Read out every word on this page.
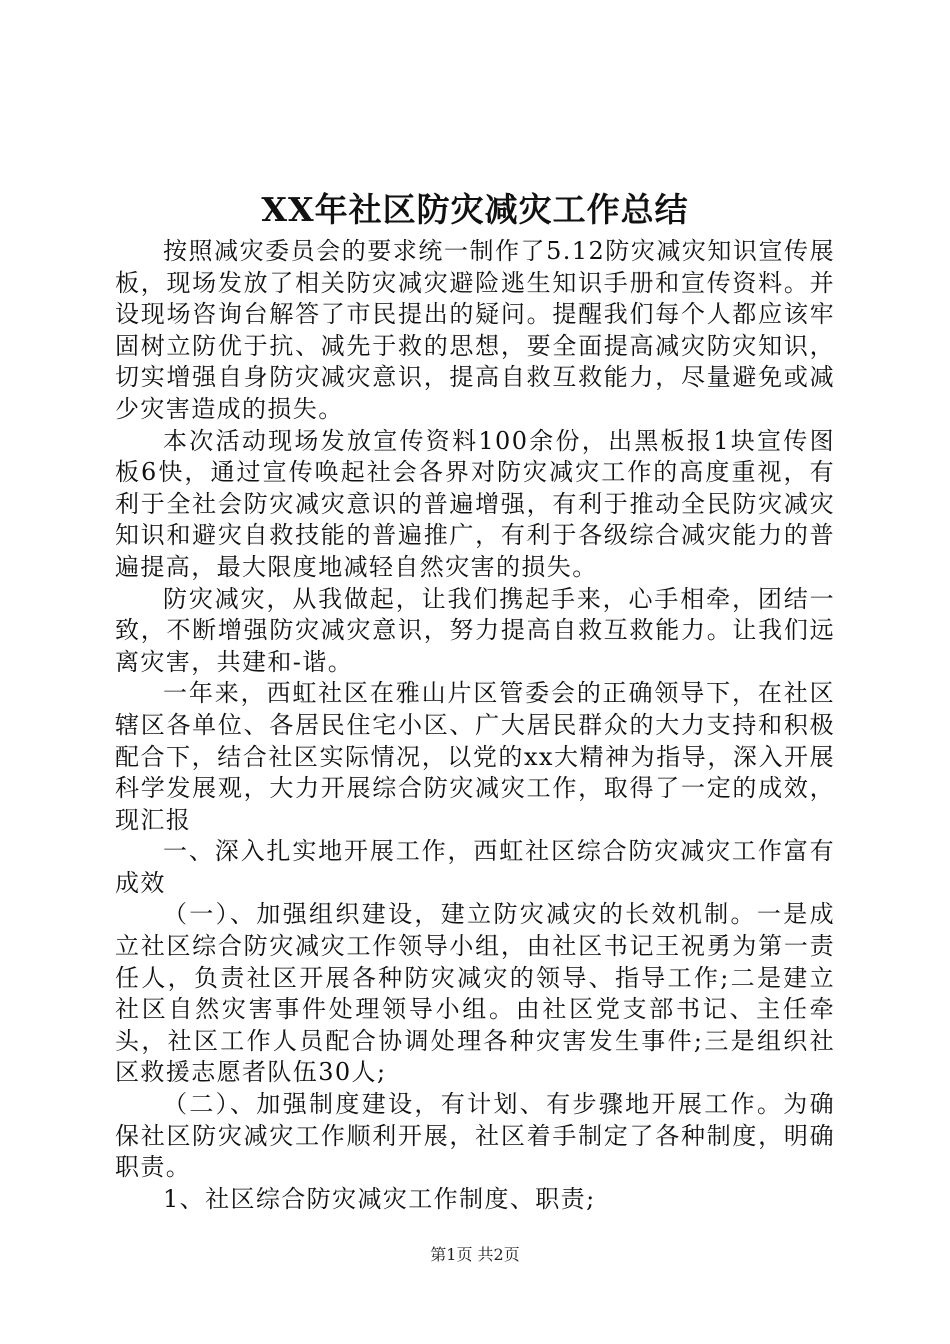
XX年社区防灾减灾工作总结

按照减灾委员会的要求统一制作了5.12防灾减灾知识宣传展板，现场发放了相关防灾减灾避险逃生知识手册和宣传资料。并设现场咨询台解答了市民提出的疑问。提醒我们每个人都应该牢固树立防优于抗、减先于救的思想，要全面提高减灾防灾知识，切实增强自身防灾减灾意识，提高自救互救能力，尽量避免或减少灾害造成的损失。

本次活动现场发放宣传资料100余份，出黑板报1块宣传图板6快，通过宣传唤起社会各界对防灾减灾工作的高度重视，有利于全社会防灾减灾意识的普遍增强，有利于推动全民防灾减灾知识和避灾自救技能的普遍推广，有利于各级综合减灾能力的普遍提高，最大限度地减轻自然灾害的损失。

防灾减灾，从我做起，让我们携起手来，心手相牵，团结一致，不断增强防灾减灾意识，努力提高自救互救能力。让我们远离灾害，共建和-谐。

一年来，西虹社区在雅山片区管委会的正确领导下，在社区辖区各单位、各居民住宅小区、广大居民群众的大力支持和积极配合下，结合社区实际情况，以党的xx大精神为指导，深入开展科学发展观，大力开展综合防灾减灾工作，取得了一定的成效，现汇报

一、深入扎实地开展工作，西虹社区综合防灾减灾工作富有成效

（一）、加强组织建设，建立防灾减灾的长效机制。一是成立社区综合防灾减灾工作领导小组，由社区书记王祝勇为第一责任人，负责社区开展各种防灾减灾的领导、指导工作;二是建立社区自然灾害事件处理领导小组。由社区党支部书记、主任牵头，社区工作人员配合协调处理各种灾害发生事件;三是组织社区救援志愿者队伍30人;

（二）、加强制度建设，有计划、有步骤地开展工作。为确保社区防灾减灾工作顺利开展，社区着手制定了各种制度，明确职责。

1、社区综合防灾减灾工作制度、职责;

第1页 共2页
